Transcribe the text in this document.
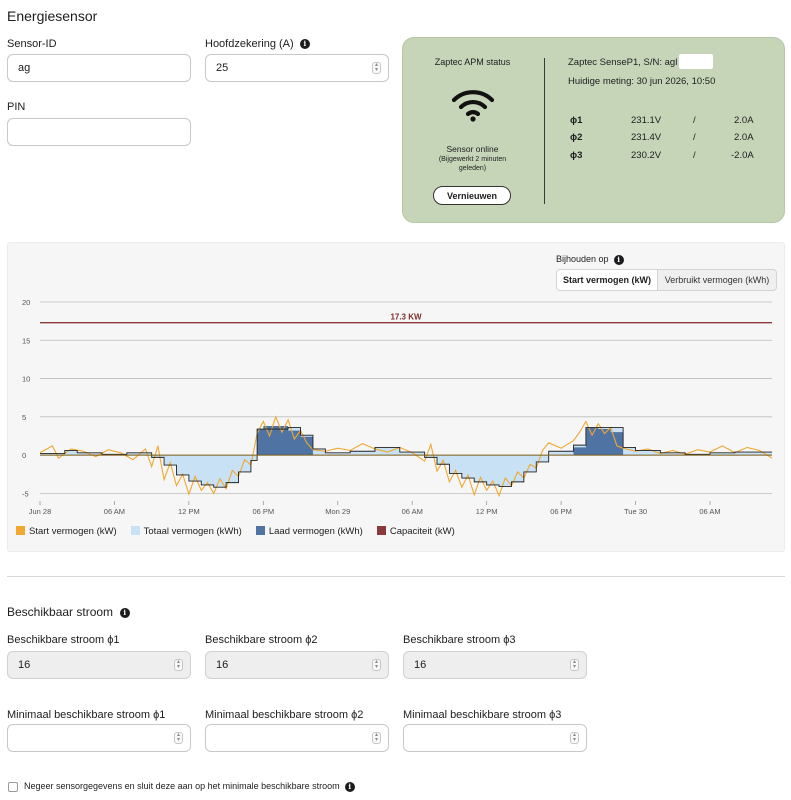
Energiesensor
Sensor-ID
ag
Hoofdzekering (A) i
25	▴
▾
PIN
Zaptec APM status
Sensor online
(Bijgewerkt 2 minuten geleden)
Vernieuwen
Zaptec SenseP1, S/N: agl
Huidige meting: 30 jun 2026, 10:50
ϕ1	231.1V	/	2.0A
ϕ2	231.4V	/	2.0A
ϕ3	230.2V	/	-2.0A
Bijhouden op i
Start vermogen (kW)	Verbruikt vermogen (kWh)
20
15
10
5
0
-5
Jun 28	06 AM	12 PM	06 PM	Mon 29	06 AM	12 PM	06 PM	Tue 30	06 AM
17.3 KW
Start vermogen (kW)	Totaal vermogen (kWh)	Laad vermogen (kWh)	Capaciteit (kW)
Beschikbaar stroom i
Beschikbare stroom ϕ1
16	▴
▾
Beschikbare stroom ϕ2
16	▴
▾
Beschikbare stroom ϕ3
16	▴
▾
Minimaal beschikbare stroom ϕ1
▴
▾
Minimaal beschikbare stroom ϕ2
▴
▾
Minimaal beschikbare stroom ϕ3
▴
▾
Negeer sensorgegevens en sluit deze aan op het minimale beschikbare stroom i
